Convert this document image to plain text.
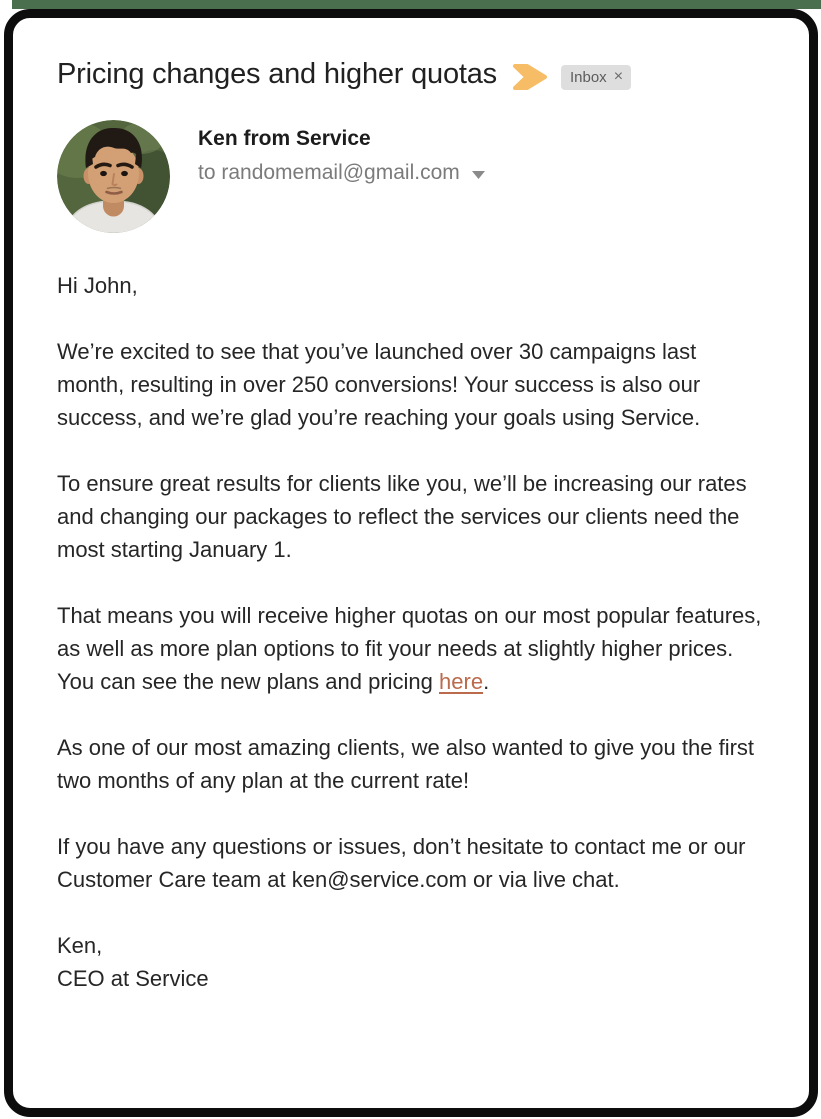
Pricing changes and higher quotas	Inbox ×
Ken from Service
to randomemail@gmail.com

Hi John,

We’re excited to see that you’ve launched over 30 campaigns last month, resulting in over 250 conversions! Your success is also our success, and we’re glad you’re reaching your goals using Service.

To ensure great results for clients like you, we’ll be increasing our rates and changing our packages to reflect the services our clients need the most starting January 1.

That means you will receive higher quotas on our most popular features, as well as more plan options to fit your needs at slightly higher prices. You can see the new plans and pricing here.

As one of our most amazing clients, we also wanted to give you the first two months of any plan at the current rate!

If you have any questions or issues, don’t hesitate to contact me or our Customer Care team at ken@service.com or via live chat.

Ken,
CEO at Service
